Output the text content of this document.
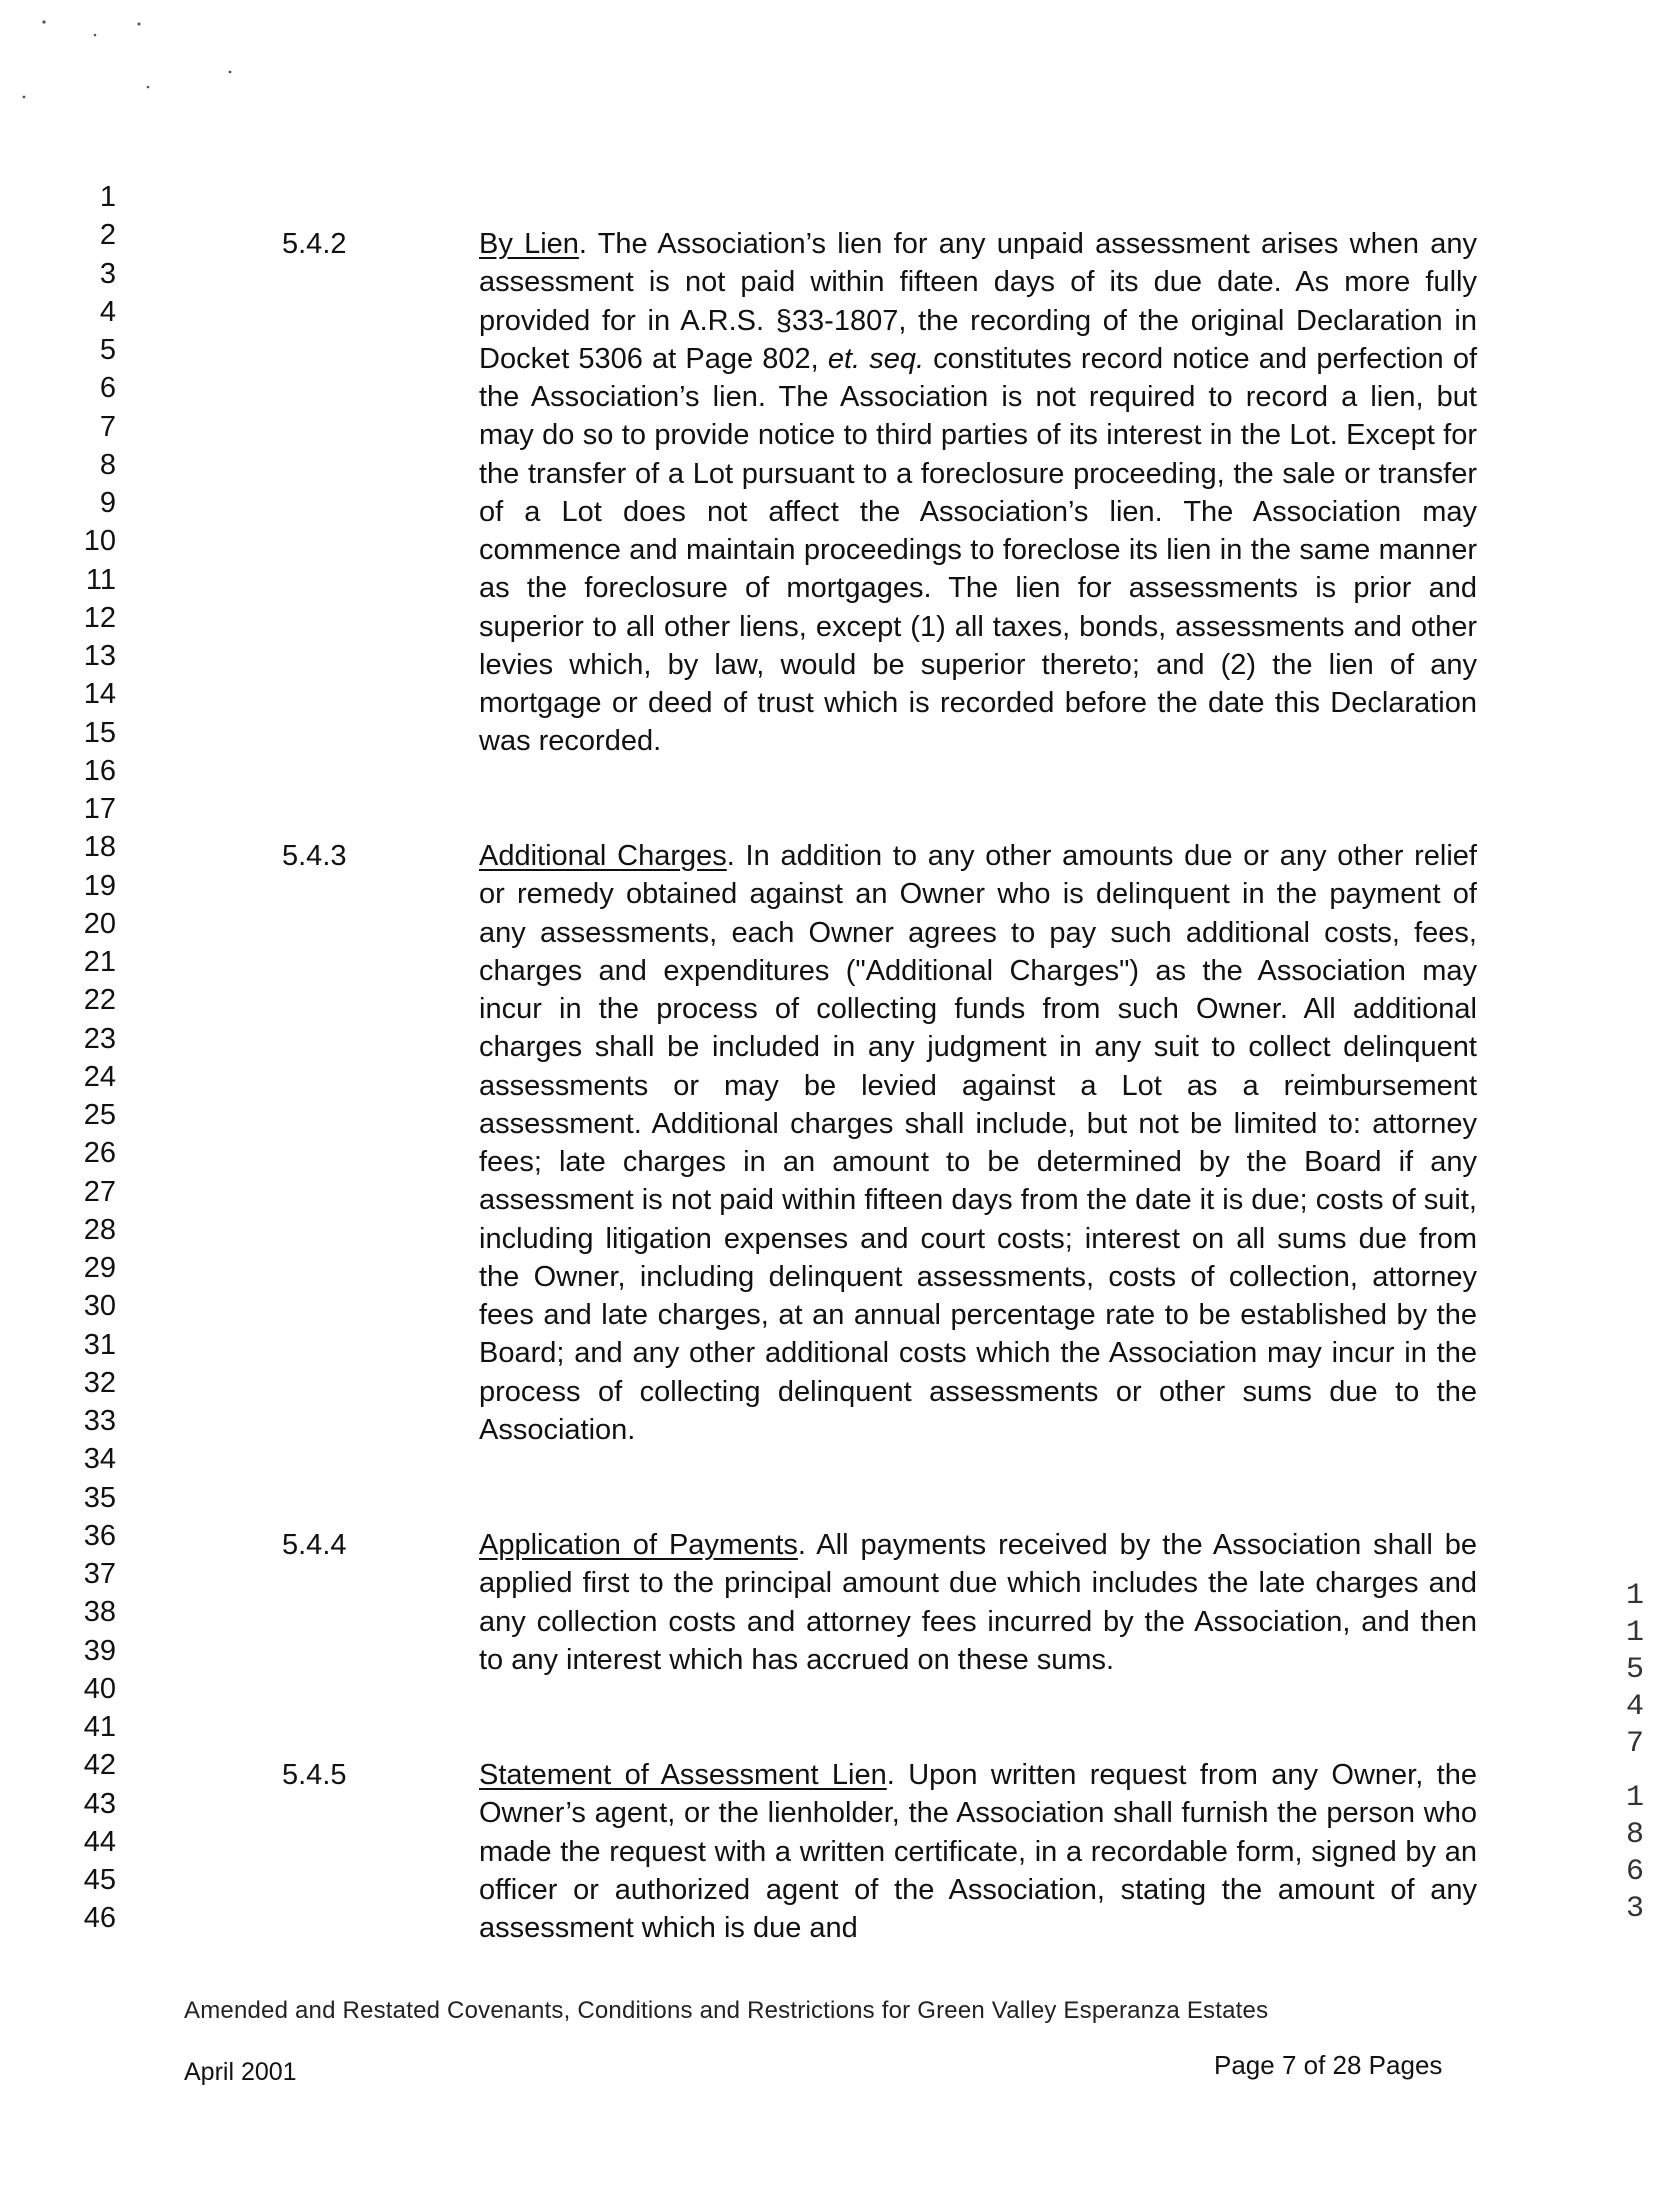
1
2
3
4
5
6
7
8
9
10
11
12
13
14
15
16
17
18
19
20
21
22
23
24
25
26
27
28
29
30
31
32
33
34
35
36
37
38
39
40
41
42
43
44
45
46
5.4.2	By Lien. The Association’s lien for any unpaid assessment arises when any assessment is not paid within fifteen days of its due date. As more fully provided for in A.R.S. §33-1807, the recording of the original Declaration in Docket 5306 at Page 802, et. seq. constitutes record notice and perfection of the Association’s lien. The Association is not required to record a lien, but may do so to provide notice to third parties of its interest in the Lot. Except for the transfer of a Lot pursuant to a foreclosure proceeding, the sale or transfer of a Lot does not affect the Association’s lien. The Association may commence and maintain proceedings to foreclose its lien in the same manner as the foreclosure of mortgages. The lien for assessments is prior and superior to all other liens, except (1) all taxes, bonds, assessments and other levies which, by law, would be superior thereto; and (2) the lien of any mortgage or deed of trust which is recorded before the date this Declaration was recorded.
5.4.3	Additional Charges. In addition to any other amounts due or any other relief or remedy obtained against an Owner who is delinquent in the payment of any assessments, each Owner agrees to pay such additional costs, fees, charges and expenditures ("Additional Charges") as the Association may incur in the process of collecting funds from such Owner. All additional charges shall be included in any judgment in any suit to collect delinquent assessments or may be levied against a Lot as a reimbursement assessment. Additional charges shall include, but not be limited to: attorney fees; late charges in an amount to be determined by the Board if any assessment is not paid within fifteen days from the date it is due; costs of suit, including litigation expenses and court costs; interest on all sums due from the Owner, including delinquent assessments, costs of collection, attorney fees and late charges, at an annual percentage rate to be established by the Board; and any other additional costs which the Association may incur in the process of collecting delinquent assessments or other sums due to the Association.
5.4.4	Application of Payments. All payments received by the Association shall be applied first to the principal amount due which includes the late charges and any collection costs and attorney fees incurred by the Association, and then to any interest which has accrued on these sums.
5.4.5	Statement of Assessment Lien. Upon written request from any Owner, the Owner’s agent, or the lienholder, the Association shall furnish the person who made the request with a written certificate, in a recordable form, signed by an officer or authorized agent of the Association, stating the amount of any assessment which is due and
1
1
5
4
7
1
8
6
3
Amended and Restated Covenants, Conditions and Restrictions for Green Valley Esperanza Estates
April 2001	Page 7 of 28 Pages
